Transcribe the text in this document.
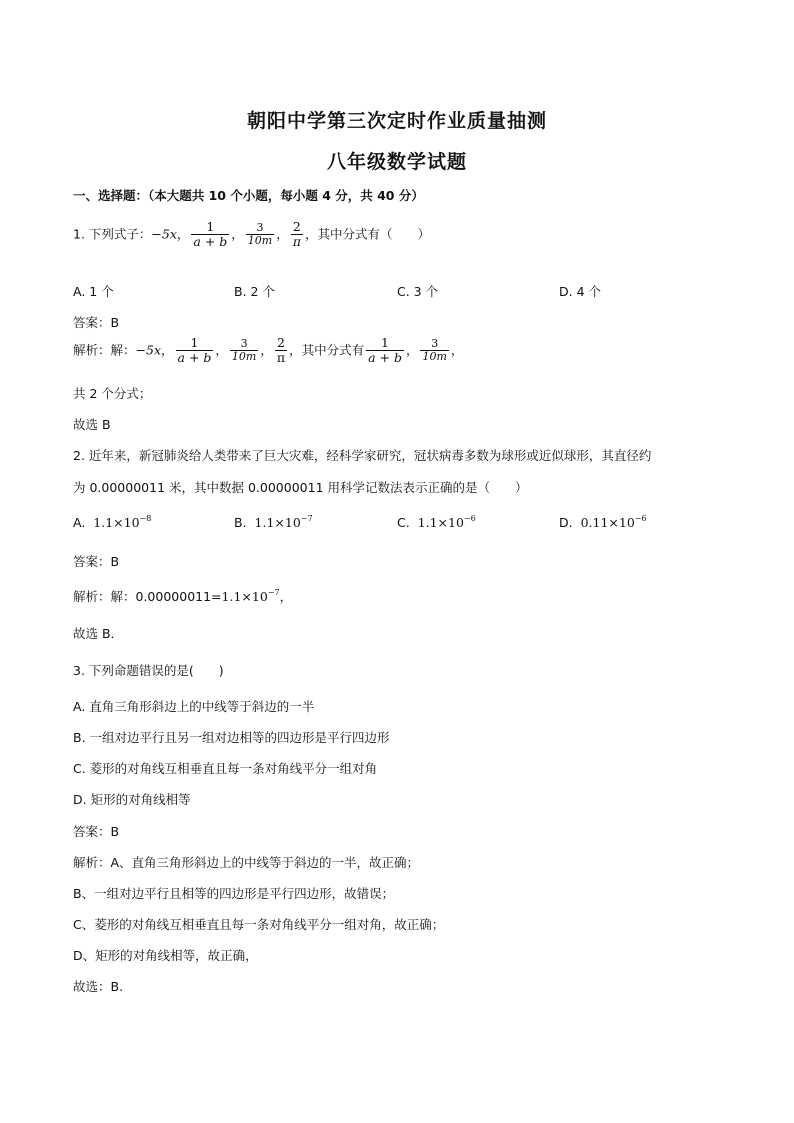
朝阳中学第三次定时作业质量抽测
八年级数学试题
一、选择题：（本大题共 10 个小题，每小题 4 分，共 40 分）
1. 下列式子：−5x， $\frac{1}{a + b}$ ， $\frac{3}{10m}$ ， $\frac{2}{\pi}$ ，其中分式有（　　）
A. 1 个	B. 2 个	C. 3 个	D. 4 个
答案：B
解析：解：−5x， $\frac{1}{a + b}$ ， $\frac{3}{10m}$ ， $\frac{2}{\pi}$ ，其中分式有 $\frac{1}{a + b}$ ， $\frac{3}{10m}$ ，
共 2 个分式；
故选 B
2. 近年来，新冠肺炎给人类带来了巨大灾难，经科学家研究，冠状病毒多数为球形或近似球形，其直径约
为 0.00000011 米，其中数据 0.00000011 用科学记数法表示正确的是（　　）
A. $1.1\times 10^{-8}$	B. $1.1\times 10^{-7}$	C. $1.1\times 10^{-6}$	D. $0.11\times 10^{-6}$
答案：B
解析：解：$0.00000011=1.1\times 10^{-7}$，
故选 B．
3. 下列命题错误的是(　　)
A. 直角三角形斜边上的中线等于斜边的一半
B. 一组对边平行且另一组对边相等的四边形是平行四边形
C. 菱形的对角线互相垂直且每一条对角线平分一组对角
D. 矩形的对角线相等
答案：B
解析：A、直角三角形斜边上的中线等于斜边的一半，故正确；
B、一组对边平行且相等的四边形是平行四边形，故错误；
C、菱形的对角线互相垂直且每一条对角线平分一组对角，故正确；
D、矩形的对角线相等，故正确，
故选：B.
